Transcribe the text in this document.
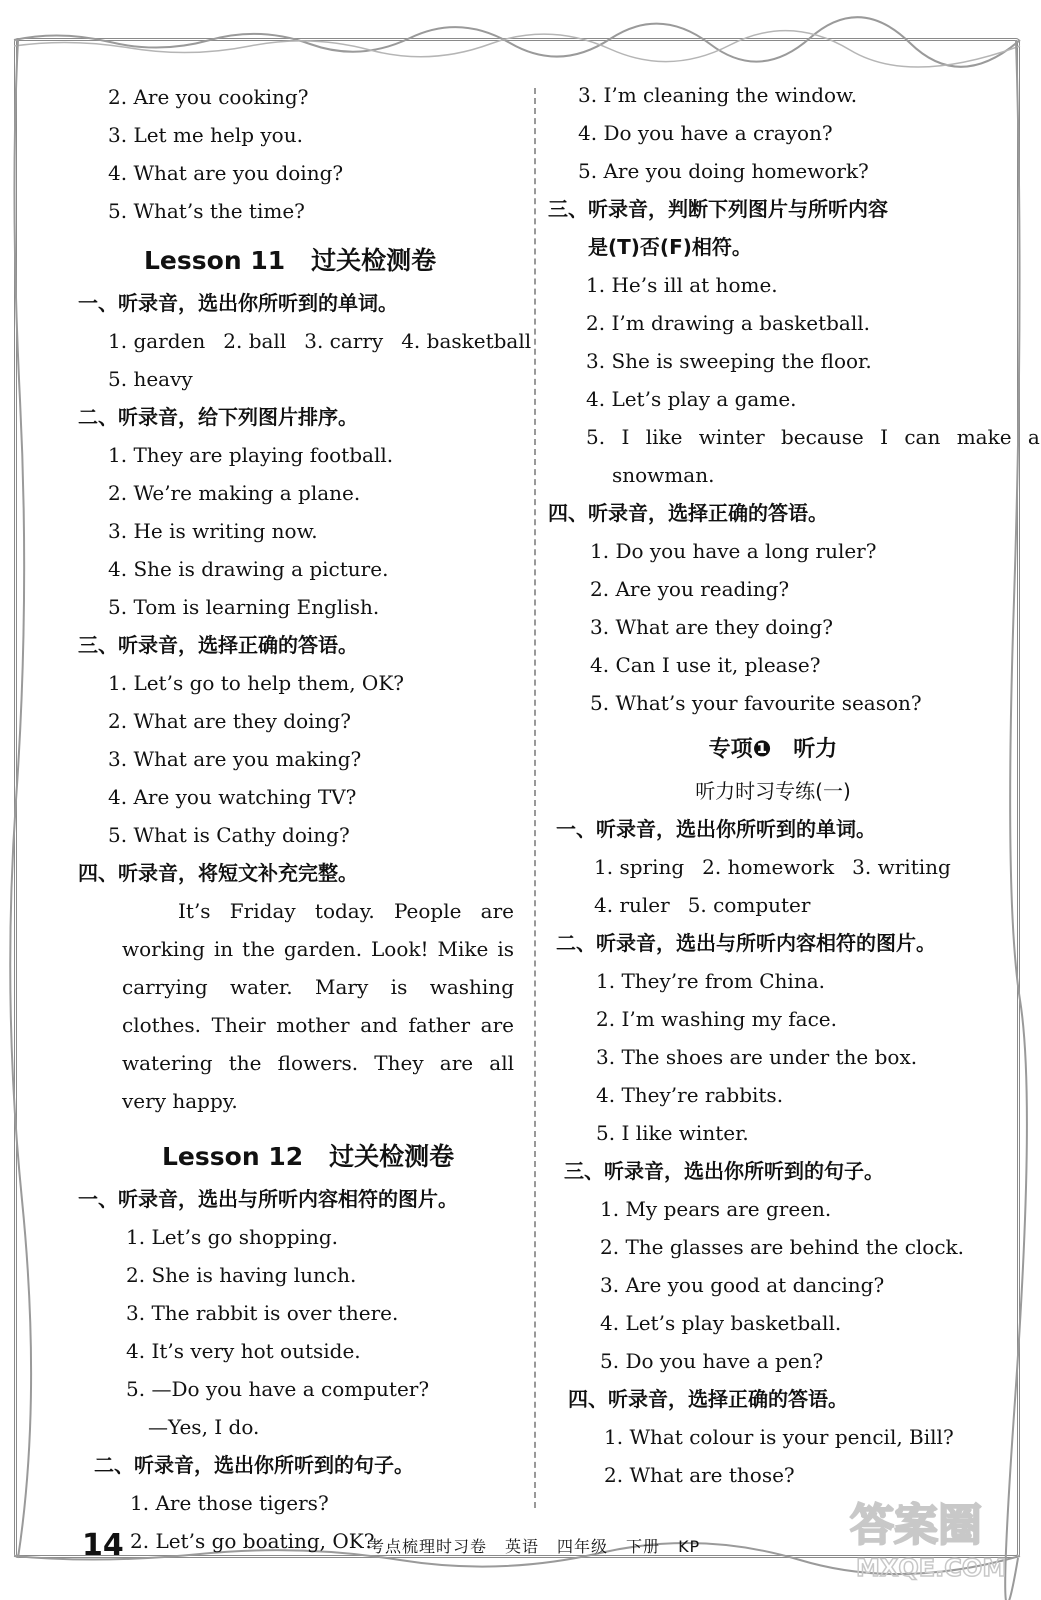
2. Are you cooking?
3. Let me help you.
4. What are you doing?
5. What’s the time?
Lesson 11 过关检测卷
一、听录音，选出你所听到的单词。
1. garden 2. ball 3. carry 4. basketball
5. heavy
二、听录音，给下列图片排序。
1. They are playing football.
2. We’re making a plane.
3. He is writing now.
4. She is drawing a picture.
5. Tom is learning English.
三、听录音，选择正确的答语。
1. Let’s go to help them, OK?
2. What are they doing?
3. What are you making?
4. Are you watching TV?
5. What is Cathy doing?
四、听录音，将短文补充完整。
It’s Friday today. People are working in the garden. Look! Mike is carrying water. Mary is washing clothes. Their mother and father are watering the flowers. They are all very happy.
Lesson 12 过关检测卷
一、听录音，选出与所听内容相符的图片。
1. Let’s go shopping.
2. She is having lunch.
3. The rabbit is over there.
4. It’s very hot outside.
5. —Do you have a computer?
—Yes, I do.
二、听录音，选出你所听到的句子。
1. Are those tigers?
2. Let’s go boating, OK?
3. I’m cleaning the window.
4. Do you have a crayon?
5. Are you doing homework?
三、听录音，判断下列图片与所听内容
是(T)否(F)相符。
1. He’s ill at home.
2. I’m drawing a basketball.
3. She is sweeping the floor.
4. Let’s play a game.
5. I like winter because I can make a
snowman.
四、听录音，选择正确的答语。
1. Do you have a long ruler?
2. Are you reading?
3. What are they doing?
4. Can I use it, please?
5. What’s your favourite season?
专项❶　听力
听力时习专练(一)
一、听录音，选出你所听到的单词。
1. spring 2. homework 3. writing
4. ruler 5. computer
二、听录音，选出与所听内容相符的图片。
1. They’re from China.
2. I’m washing my face.
3. The shoes are under the box.
4. They’re rabbits.
5. I like winter.
三、听录音，选出你所听到的句子。
1. My pears are green.
2. The glasses are behind the clock.
3. Are you good at dancing?
4. Let’s play basketball.
5. Do you have a pen?
四、听录音，选择正确的答语。
1. What colour is your pencil, Bill?
2. What are those?
14	考点梳理时习卷 英语 四年级 下册 KP	答案圈
MXQE.COM
